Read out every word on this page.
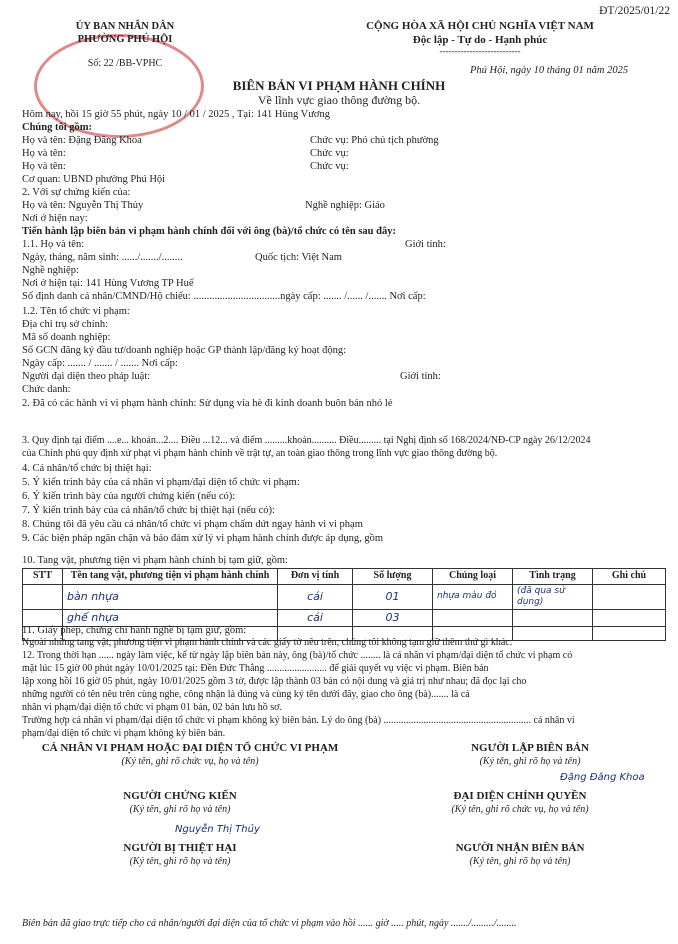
ĐT/2025/01/22
ỦY BAN NHÂN DÂN
PHƯỜNG PHÚ HỘI
Số: 22 /BB-VPHC
CỘNG HÒA XÃ HỘI CHỦ NGHĨA VIỆT NAM
Độc lập - Tự do - Hạnh phúc
---------------------------
Phú Hội, ngày 10 tháng 01 năm 2025
BIÊN BẢN VI PHẠM HÀNH CHÍNH
Về lĩnh vực giao thông đường bộ.
Hôm nay, hồi 15 giờ 55 phút, ngày 10 / 01 / 2025 , Tại: 141 Hùng Vương
Chúng tôi gồm:
Họ và tên: Đặng Đăng Khoa	Chức vụ: Phó chủ tịch phường
Họ và tên:	Chức vụ:
Họ và tên:	Chức vụ:
Cơ quan: UBND phường Phú Hội
2. Với sự chứng kiến của:
Họ và tên: Nguyễn Thị Thủy	Nghề nghiệp: Giáo
Nơi ở hiện nay:
Tiến hành lập biên bản vi phạm hành chính đối với ông (bà)/tổ chức có tên sau đây:
1.1. Họ và tên:	Giới tính:
Ngày, tháng, năm sinh: ....../......./........	Quốc tịch: Việt Nam
Nghề nghiệp:
Nơi ở hiện tại: 141 Hùng Vương TP Huế
Số định danh cá nhân/CMND/Hộ chiếu: .................................ngày cấp: ....... /...... /....... Nơi cấp:
1.2. Tên tổ chức vi phạm:
Địa chỉ trụ sở chính:
Mã số doanh nghiệp:
Số GCN đăng ký đầu tư/doanh nghiệp hoặc GP thành lập/đăng ký hoạt động:
Ngày cấp: ....... / ....... / ....... Nơi cấp:
Người đại diện theo pháp luật:	Giới tính:
Chức danh:
2. Đã có các hành vi vi phạm hành chính: Sử dụng vỉa hè đi kinh doanh buôn bán nhỏ lẻ
3. Quy định tại điểm ....e... khoản...2.... Điều ...12... và điểm .........khoản.......... Điều......... tại Nghị định số 168/2024/NĐ-CP ngày 26/12/2024
của Chính phủ quy định xử phạt vi phạm hành chính về trật tự, an toàn giao thông trong lĩnh vực giao thông đường bộ.
4. Cá nhân/tổ chức bị thiệt hại:
5. Ý kiến trình bày của cá nhân vi phạm/đại diện tổ chức vi phạm:
6. Ý kiến trình bày của người chứng kiến (nếu có):
7. Ý kiến trình bày của cá nhân/tổ chức bị thiệt hại (nếu có):
8. Chúng tôi đã yêu cầu cá nhân/tổ chức vi phạm chấm dứt ngay hành vi vi phạm
9. Các biện pháp ngăn chặn và bảo đảm xử lý vi phạm hành chính được áp dụng, gồm
10. Tang vật, phương tiện vi phạm hành chính bị tạm giữ, gồm:
STT	Tên tang vật, phương tiện vi phạm hành chính	Đơn vị tính	Số lượng	Chủng loại	Tình trạng	Ghi chú
	bàn nhựa	cái	01	nhựa màu đỏ	(đã qua sử dụng)	
	ghế nhựa	cái	03			

11. Giấy phép, chứng chỉ hành nghề bị tạm giữ, gồm:
Ngoài những tang vật, phương tiện vi phạm hành chính và các giấy tờ nêu trên, chúng tôi không tạm giữ thêm thứ gì khác.
12. Trong thời hạn ...... ngày làm việc, kể từ ngày lập biên bản này, ông (bà)/tổ chức ........ là cá nhân vi phạm/đại diện tổ chức vi phạm có
mặt lúc 15 giờ 00 phút ngày 10/01/2025 tại: Đền Đức Thắng ........................ để giải quyết vụ việc vi phạm. Biên bản
lập xong hồi 16 giờ 05 phút, ngày 10/01/2025 gồm 3 tờ, được lập thành 03 bản có nội dung và giá trị như nhau; đã đọc lại cho
những người có tên nêu trên cùng nghe, công nhận là đúng và cùng ký tên dưới đây, giao cho ông (bà)....... là cá
nhân vi phạm/đại diện tổ chức vi phạm 01 bản, 02 bản lưu hồ sơ.
Trường hợp cá nhân vi phạm/đại diện tổ chức vi phạm không ký biên bản. Lý do ông (bà) ........................................................... cá nhân vi
phạm/đại diện tổ chức vi phạm không ký biên bản.
CÁ NHÂN VI PHẠM HOẶC ĐẠI DIỆN TỔ CHỨC VI PHẠM
(Ký tên, ghi rõ chức vụ, họ và tên)
NGƯỜI LẬP BIÊN BẢN
(Ký tên, ghi rõ họ và tên)
NGƯỜI CHỨNG KIẾN
(Ký tên, ghi rõ họ và tên)
Nguyễn Thị Thủy
ĐẠI DIỆN CHÍNH QUYỀN
(Ký tên, ghi rõ chức vụ, họ và tên)
Đặng Đăng Khoa
NGƯỜI BỊ THIỆT HẠI
(Ký tên, ghi rõ họ và tên)
NGƯỜI NHẬN BIÊN BẢN
(Ký tên, ghi rõ họ và tên)
Biên bản đã giao trực tiếp cho cá nhân/người đại diện của tổ chức vi phạm vào hồi ...... giờ ..... phút, ngày ......./........./........
